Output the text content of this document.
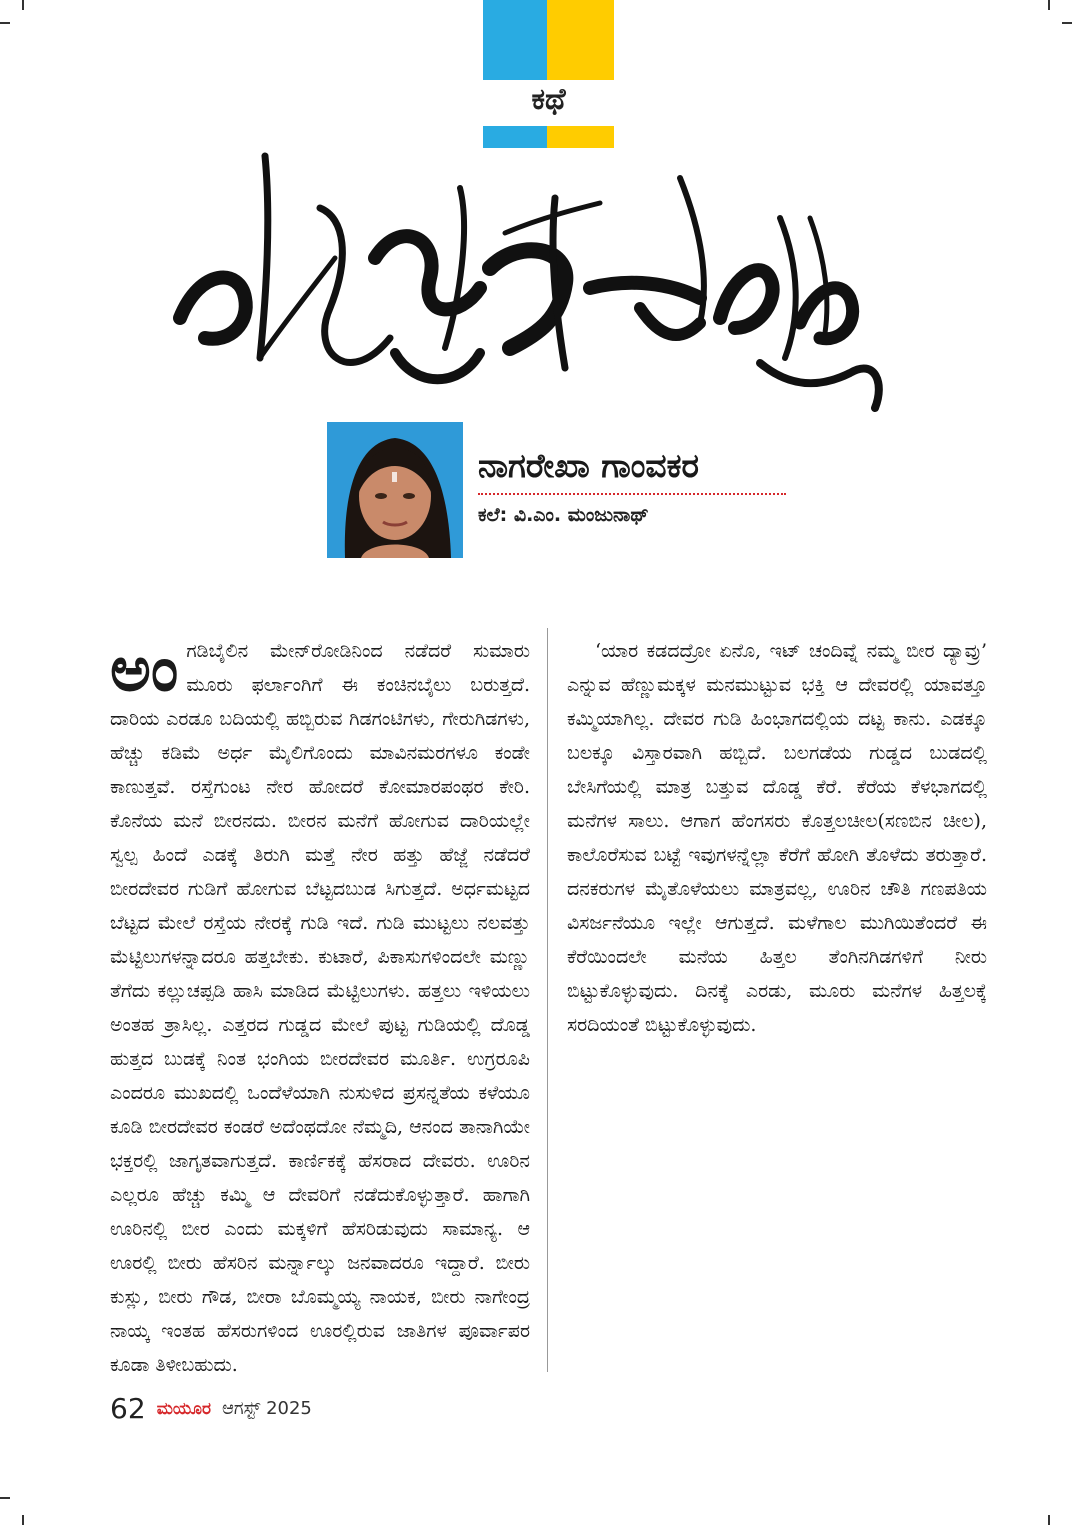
ಕಥೆ
ನಾಗರೇಖಾ ಗಾಂವಕರ
ಕಲೆ: ವಿ.ಎಂ. ಮಂಜುನಾಥ್
ಅಂ ಗಡಿಬೈಲಿನ ಮೇನ್‌ರೋಡಿನಿಂದ ನಡೆದರೆ ಸುಮಾರು ಮೂರು ಫರ್ಲಾಂಗಿಗೆ ಈ ಕಂಚಿನಬೈಲು ಬರುತ್ತದೆ. ದಾರಿಯ ಎರಡೂ ಬದಿಯಲ್ಲಿ ಹಬ್ಬಿರುವ ಗಿಡಗಂಟಿಗಳು, ಗೇರುಗಿಡಗಳು, ಹೆಚ್ಚು ಕಡಿಮೆ ಅರ್ಧ ಮೈಲಿಗೊಂದು ಮಾವಿನಮರಗಳೂ ಕಂಡೇ ಕಾಣುತ್ತವೆ. ರಸ್ತೆಗುಂಟ ನೇರ ಹೋದರೆ ಕೋಮಾರಪಂಥರ ಕೇರಿ. ಕೊನೆಯ ಮನೆ ಬೀರನದು. ಬೀರನ ಮನೆಗೆ ಹೋಗುವ ದಾರಿಯಲ್ಲೇ ಸ್ವಲ್ಪ ಹಿಂದೆ ಎಡಕ್ಕೆ ತಿರುಗಿ ಮತ್ತೆ ನೇರ ಹತ್ತು ಹೆಜ್ಜೆ ನಡೆದರೆ ಬೀರದೇವರ ಗುಡಿಗೆ ಹೋಗುವ ಬೆಟ್ಟದಬುಡ ಸಿಗುತ್ತದೆ. ಅರ್ಧಮಟ್ಟದ ಬೆಟ್ಟದ ಮೇಲೆ ರಸ್ತೆಯ ನೇರಕ್ಕೆ ಗುಡಿ ಇದೆ. ಗುಡಿ ಮುಟ್ಟಲು ನಲವತ್ತು ಮೆಟ್ಟಿಲುಗಳನ್ನಾದರೂ ಹತ್ತಬೇಕು. ಕುಟಾರೆ, ಪಿಕಾಸುಗಳಿಂದಲೇ ಮಣ್ಣು ತೆಗೆದು ಕಲ್ಲುಚಪ್ಪಡಿ ಹಾಸಿ ಮಾಡಿದ ಮೆಟ್ಟಿಲುಗಳು. ಹತ್ತಲು ಇಳಿಯಲು ಅಂತಹ ತ್ರಾಸಿಲ್ಲ. ಎತ್ತರದ ಗುಡ್ಡದ ಮೇಲೆ ಪುಟ್ಟ ಗುಡಿಯಲ್ಲಿ ದೊಡ್ಡ ಹುತ್ತದ ಬುಡಕ್ಕೆ ನಿಂತ ಭಂಗಿಯ ಬೀರದೇವರ ಮೂರ್ತಿ. ಉಗ್ರರೂಪಿ ಎಂದರೂ ಮುಖದಲ್ಲಿ ಒಂದೆಳೆಯಾಗಿ ನುಸುಳಿದ ಪ್ರಸನ್ನತೆಯ ಕಳೆಯೂ ಕೂಡಿ ಬೀರದೇವರ ಕಂಡರೆ ಅದೆಂಥದೋ ನೆಮ್ಮದಿ, ಆನಂದ ತಾನಾಗಿಯೇ ಭಕ್ತರಲ್ಲಿ ಜಾಗೃತವಾಗುತ್ತದೆ. ಕಾರ್ಣಿಕಕ್ಕೆ ಹೆಸರಾದ ದೇವರು. ಊರಿನ ಎಲ್ಲರೂ ಹೆಚ್ಚು ಕಮ್ಮಿ ಆ ದೇವರಿಗೆ ನಡೆದುಕೊಳ್ಳುತ್ತಾರೆ. ಹಾಗಾಗಿ ಊರಿನಲ್ಲಿ ಬೀರ ಎಂದು ಮಕ್ಕಳಿಗೆ ಹೆಸರಿಡುವುದು ಸಾಮಾನ್ಯ. ಆ ಊರಲ್ಲಿ ಬೀರು ಹೆಸರಿನ ಮರ್ನ್ನಾಲ್ಕು ಜನವಾದರೂ ಇದ್ದಾರೆ. ಬೀರು ಕುಸ್ಲು, ಬೀರು ಗೌಡ, ಬೀರಾ ಬೊಮ್ಮಯ್ಯ ನಾಯಕ, ಬೀರು ನಾಗೇಂದ್ರ ನಾಯ್ಕ ಇಂತಹ ಹೆಸರುಗಳಿಂದ ಊರಲ್ಲಿರುವ ಜಾತಿಗಳ ಪೂರ್ವಾಪರ ಕೂಡಾ ತಿಳೀಬಹುದು.

‘ಯಾರ ಕಡದದ್ರೋ ಏನೊ, ಇಟ್ ಚಂದಿವ್ನೆ ನಮ್ಮ ಬೀರ ದ್ಯಾವ್ರು’ ಎನ್ನುವ ಹೆಣ್ಣುಮಕ್ಕಳ ಮನಮುಟ್ಟುವ ಭಕ್ತಿ ಆ ದೇವರಲ್ಲಿ ಯಾವತ್ತೂ ಕಮ್ಮಿಯಾಗಿಲ್ಲ. ದೇವರ ಗುಡಿ ಹಿಂಭಾಗದಲ್ಲಿಯ ದಟ್ಟ ಕಾನು. ಎಡಕ್ಕೂ ಬಲಕ್ಕೂ ವಿಸ್ತಾರವಾಗಿ ಹಬ್ಬಿದೆ. ಬಲಗಡೆಯ ಗುಡ್ಡದ ಬುಡದಲ್ಲಿ ಬೇಸಿಗೆಯಲ್ಲಿ ಮಾತ್ರ ಬತ್ತುವ ದೊಡ್ಡ ಕೆರೆ. ಕೆರೆಯ ಕೆಳಭಾಗದಲ್ಲಿ ಮನೆಗಳ ಸಾಲು. ಆಗಾಗ ಹೆಂಗಸರು ಕೊತ್ತಲಚೀಲ(ಸಣಬಿನ ಚೀಲ), ಕಾಲೊರೆಸುವ ಬಟ್ಟೆ ಇವುಗಳನ್ನೆಲ್ಲಾ ಕೆರೆಗೆ ಹೋಗಿ ತೊಳೆದು ತರುತ್ತಾರೆ. ದನಕರುಗಳ ಮೈತೊಳೆಯಲು ಮಾತ್ರವಲ್ಲ, ಊರಿನ ಚೌತಿ ಗಣಪತಿಯ ವಿಸರ್ಜನೆಯೂ ಇಲ್ಲೇ ಆಗುತ್ತದೆ. ಮಳೆಗಾಲ ಮುಗಿಯಿತೆಂದರೆ ಈ ಕೆರೆಯಿಂದಲೇ ಮನೆಯ ಹಿತ್ತಲ ತೆಂಗಿನಗಿಡಗಳಿಗೆ ನೀರು ಬಿಟ್ಟುಕೊಳ್ಳುವುದು. ದಿನಕ್ಕೆ ಎರಡು, ಮೂರು ಮನೆಗಳ ಹಿತ್ತಲಕ್ಕೆ ಸರದಿಯಂತೆ ಬಿಟ್ಟುಕೊಳ್ಳುವುದು.

62 ಮಯೂರ ಆಗಸ್ಟ್ 2025
